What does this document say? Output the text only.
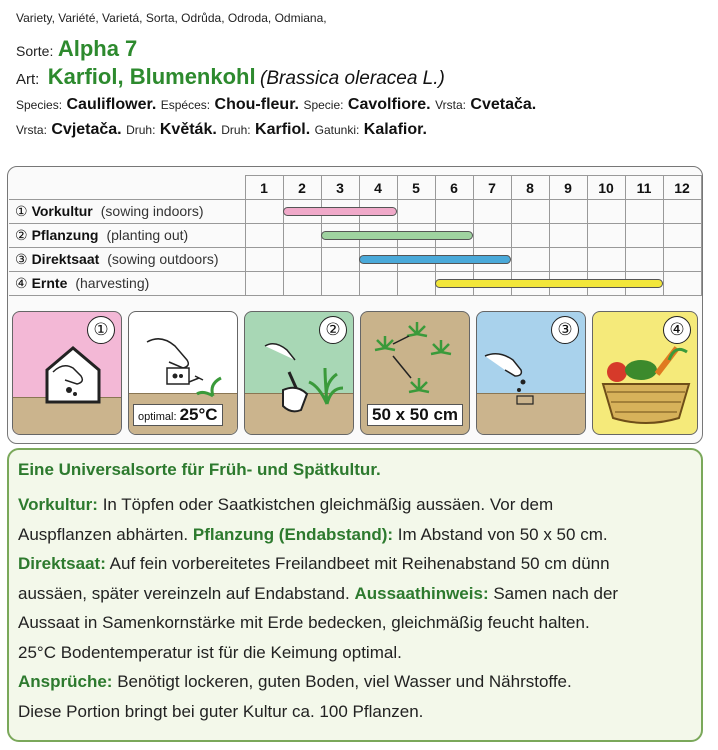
Variety, Variété, Varietá, Sorta, Odrůda, Odroda, Odmiana,
Sorte: Alpha 7
Art: Karfiol, Blumenkohl (Brassica oleracea L.)
Species: Cauliflower. Espéces: Chou-fleur. Specie: Cavolfiore. Vrsta: Cvetača.
Vrsta: Cvjetača. Druh: Květák. Druh: Karfiol. Gatunki: Kalafior.
	1	2	3	4	5	6	7	8	9	10	11	12
① Vorkultur (sowing indoors)												
② Pflanzung (planting out)												
③ Direktsaat (sowing outdoors)												
④ Ernte (harvesting)												
①
optimal: 25°C
②
50 x 50 cm
③	④
Eine Universalsorte für Früh- und Spätkultur.
Vorkultur: In Töpfen oder Saatkistchen gleichmäßig aussäen. Vor dem
Auspflanzen abhärten. Pflanzung (Endabstand): Im Abstand von 50 x 50 cm.
Direktsaat: Auf fein vorbereitetes Freilandbeet mit Reihenabstand 50 cm dünn
aussäen, später vereinzeln auf Endabstand. Aussaathinweis: Samen nach der
Aussaat in Samenkornstärke mit Erde bedecken, gleichmäßig feucht halten.
25°C Bodentemperatur ist für die Keimung optimal.
Ansprüche: Benötigt lockeren, guten Boden, viel Wasser und Nährstoffe.
Diese Portion bringt bei guter Kultur ca. 100 Pflanzen.
